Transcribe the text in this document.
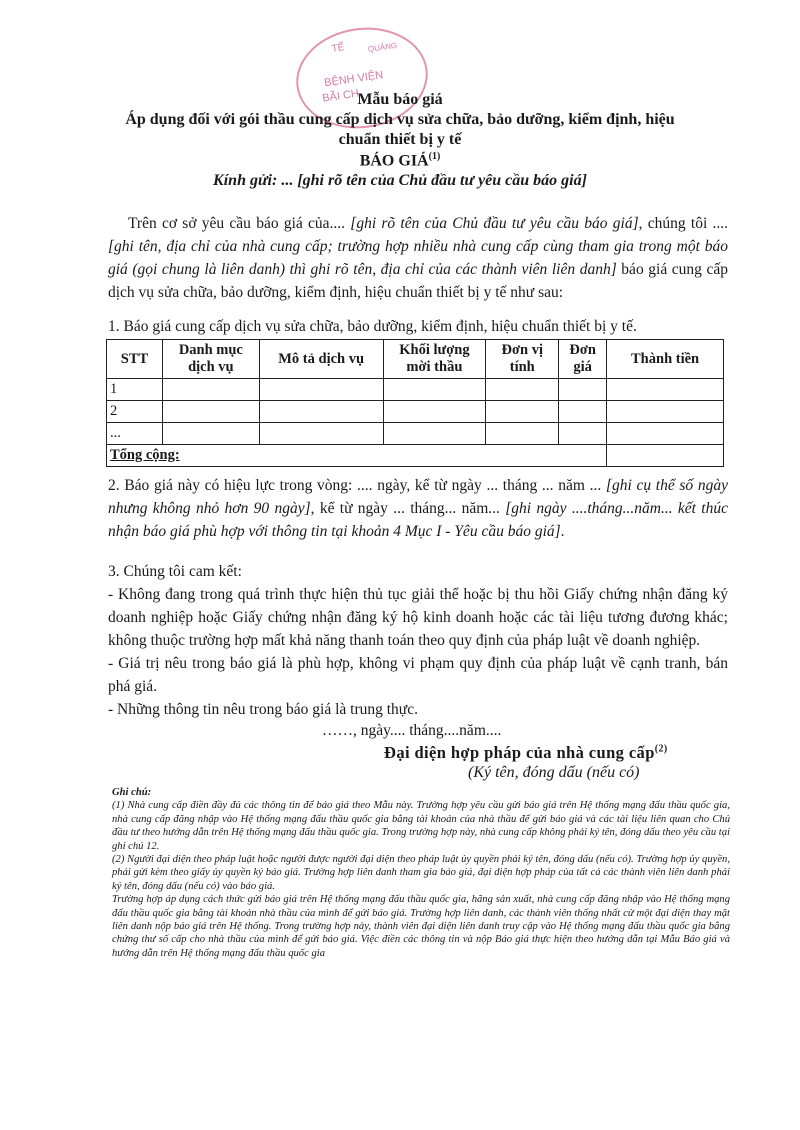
TẾ	QUẢNG
BỆNH VIỆN
BÃI CH
Mẫu báo giá
Áp dụng đối với gói thầu cung cấp dịch vụ sửa chữa, bảo dưỡng, kiểm định, hiệu
chuẩn thiết bị y tế
BÁO GIÁ$^{(1)}$
Kính gửi: ... [ghi rõ tên của Chủ đầu tư yêu cầu báo giá]
Trên cơ sở yêu cầu báo giá của.... [ghi rõ tên của Chủ đầu tư yêu cầu báo giá], chúng tôi .... [ghi tên, địa chỉ của nhà cung cấp; trường hợp nhiều nhà cung cấp cùng tham gia trong một báo giá (gọi chung là liên danh) thì ghi rõ tên, địa chỉ của các thành viên liên danh] báo giá cung cấp dịch vụ sửa chữa, bảo dưỡng, kiểm định, hiệu chuẩn thiết bị y tế như sau:
1. Báo giá cung cấp dịch vụ sửa chữa, bảo dưỡng, kiểm định, hiệu chuẩn thiết bị y tế.
STT	Danh mục dịch vụ	Mô tả dịch vụ	Khối lượng mời thầu	Đơn vị tính	Đơn giá	Thành tiền
1						
2						
...						
Tổng cộng:						
2. Báo giá này có hiệu lực trong vòng: .... ngày, kể từ ngày ... tháng ... năm ... [ghi cụ thể số ngày nhưng không nhỏ hơn 90 ngày], kể từ ngày ... tháng... năm... [ghi ngày ....tháng...năm... kết thúc nhận báo giá phù hợp với thông tin tại khoản 4 Mục I - Yêu cầu báo giá].
3. Chúng tôi cam kết:
- Không đang trong quá trình thực hiện thủ tục giải thể hoặc bị thu hồi Giấy chứng nhận đăng ký doanh nghiệp hoặc Giấy chứng nhận đăng ký hộ kinh doanh hoặc các tài liệu tương đương khác; không thuộc trường hợp mất khả năng thanh toán theo quy định của pháp luật về doanh nghiệp.
- Giá trị nêu trong báo giá là phù hợp, không vi phạm quy định của pháp luật về cạnh tranh, bán phá giá.
- Những thông tin nêu trong báo giá là trung thực.
……, ngày.... tháng....năm....
Đại diện hợp pháp của nhà cung cấp$^{(2)}$
(Ký tên, đóng dấu (nếu có)
Ghi chú:
(1) Nhà cung cấp điền đầy đủ các thông tin để báo giá theo Mẫu này. Trường hợp yêu cầu gửi báo giá trên Hệ thống mạng đấu thầu quốc gia, nhà cung cấp đăng nhập vào Hệ thống mạng đấu thầu quốc gia bằng tài khoản của nhà thầu để gửi báo giá và các tài liệu liên quan cho Chủ đầu tư theo hướng dẫn trên Hệ thống mạng đấu thầu quốc gia. Trong trường hợp này, nhà cung cấp không phải ký tên, đóng dấu theo yêu cầu tại ghi chú 12.
(2) Người đại diện theo pháp luật hoặc người được người đại diện theo pháp luật ủy quyền phải ký tên, đóng dấu (nếu có). Trường hợp ủy quyền, phải gửi kèm theo giấy ủy quyền ký báo giá. Trường hợp liên danh tham gia báo giá, đại diện hợp pháp của tất cả các thành viên liên danh phải ký tên, đóng dấu (nếu có) vào báo giá.
Trường hợp áp dụng cách thức gửi báo giá trên Hệ thống mạng đấu thầu quốc gia, hãng sản xuất, nhà cung cấp đăng nhập vào Hệ thống mạng đấu thầu quốc gia bằng tài khoản nhà thầu của mình để gửi báo giá. Trường hợp liên danh, các thành viên thống nhất cử một đại diện thay mặt liên danh nộp báo giá trên Hệ thống. Trong trường hợp này, thành viên đại diện liên danh truy cập vào Hệ thống mạng đấu thầu quốc gia bằng chứng thư số cấp cho nhà thầu của mình để gửi báo giá. Việc điền các thông tin và nộp Báo giá thực hiện theo hướng dẫn tại Mẫu Báo giá và hướng dẫn trên Hệ thống mạng đấu thầu quốc gia
